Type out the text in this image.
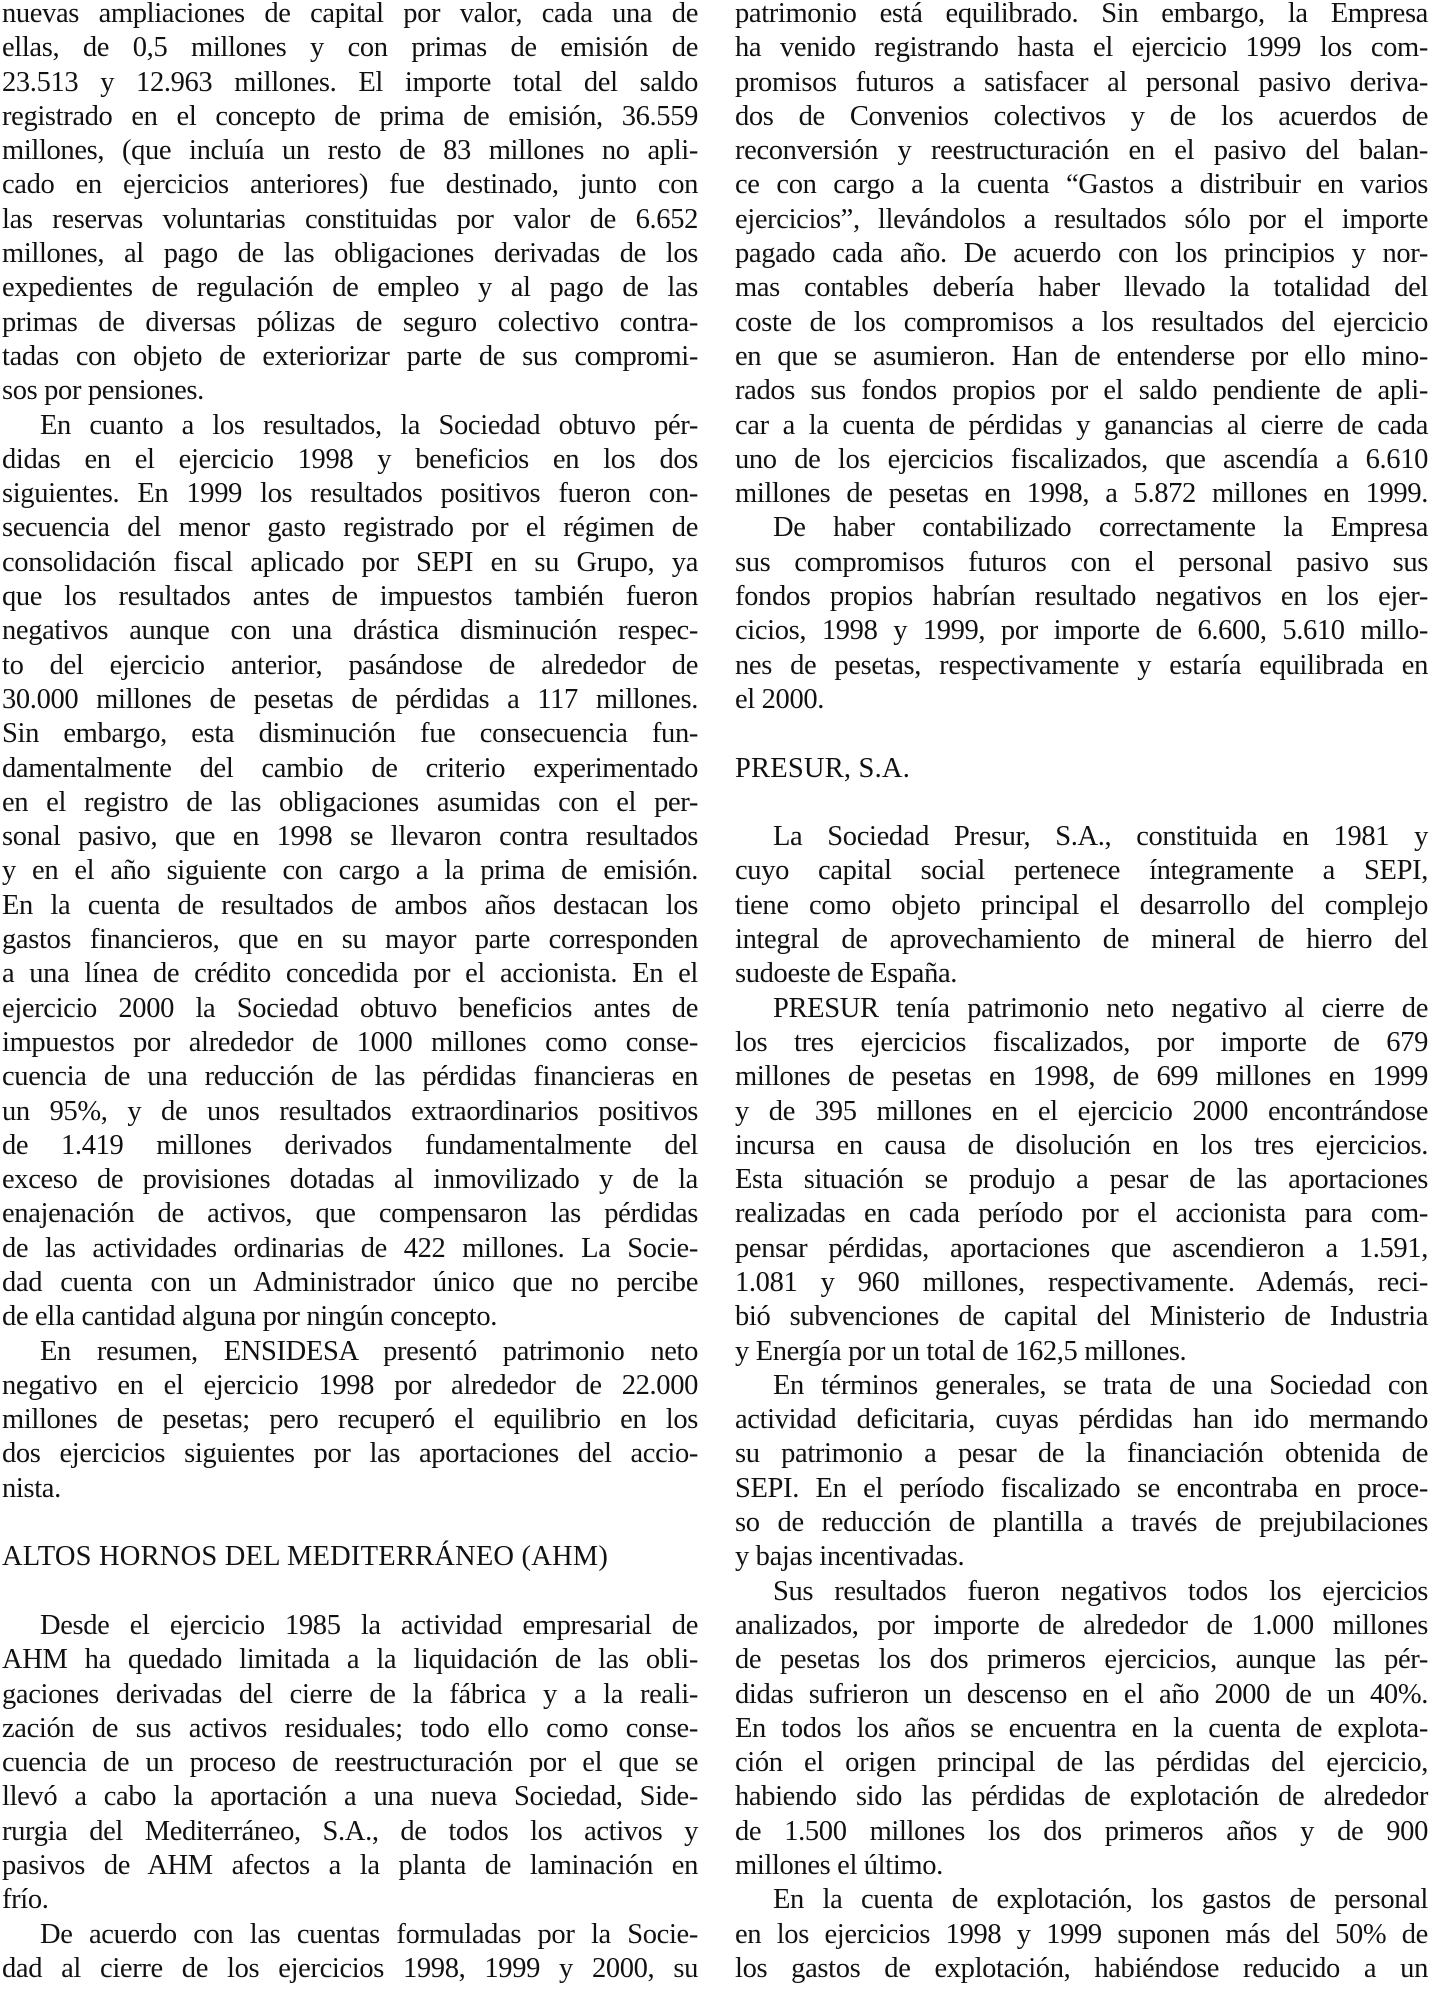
nuevas ampliaciones de capital por valor, cada una de
ellas, de 0,5 millones y con primas de emisión de
23.513 y 12.963 millones. El importe total del saldo
registrado en el concepto de prima de emisión, 36.559
millones, (que incluía un resto de 83 millones no apli-
cado en ejercicios anteriores) fue destinado, junto con
las reservas voluntarias constituidas por valor de 6.652
millones, al pago de las obligaciones derivadas de los
expedientes de regulación de empleo y al pago de las
primas de diversas pólizas de seguro colectivo contra-
tadas con objeto de exteriorizar parte de sus compromi-
sos por pensiones.
En cuanto a los resultados, la Sociedad obtuvo pér-
didas en el ejercicio 1998 y beneficios en los dos
siguientes. En 1999 los resultados positivos fueron con-
secuencia del menor gasto registrado por el régimen de
consolidación fiscal aplicado por SEPI en su Grupo, ya
que los resultados antes de impuestos también fueron
negativos aunque con una drástica disminución respec-
to del ejercicio anterior, pasándose de alrededor de
30.000 millones de pesetas de pérdidas a 117 millones.
Sin embargo, esta disminución fue consecuencia fun-
damentalmente del cambio de criterio experimentado
en el registro de las obligaciones asumidas con el per-
sonal pasivo, que en 1998 se llevaron contra resultados
y en el año siguiente con cargo a la prima de emisión.
En la cuenta de resultados de ambos años destacan los
gastos financieros, que en su mayor parte corresponden
a una línea de crédito concedida por el accionista. En el
ejercicio 2000 la Sociedad obtuvo beneficios antes de
impuestos por alrededor de 1000 millones como conse-
cuencia de una reducción de las pérdidas financieras en
un 95%, y de unos resultados extraordinarios positivos
de 1.419 millones derivados fundamentalmente del
exceso de provisiones dotadas al inmovilizado y de la
enajenación de activos, que compensaron las pérdidas
de las actividades ordinarias de 422 millones. La Socie-
dad cuenta con un Administrador único que no percibe
de ella cantidad alguna por ningún concepto.
En resumen, ENSIDESA presentó patrimonio neto
negativo en el ejercicio 1998 por alrededor de 22.000
millones de pesetas; pero recuperó el equilibrio en los
dos ejercicios siguientes por las aportaciones del accio-
nista.
ALTOS HORNOS DEL MEDITERRÁNEO (AHM)
Desde el ejercicio 1985 la actividad empresarial de
AHM ha quedado limitada a la liquidación de las obli-
gaciones derivadas del cierre de la fábrica y a la reali-
zación de sus activos residuales; todo ello como conse-
cuencia de un proceso de reestructuración por el que se
llevó a cabo la aportación a una nueva Sociedad, Side-
rurgia del Mediterráneo, S.A., de todos los activos y
pasivos de AHM afectos a la planta de laminación en
frío.
De acuerdo con las cuentas formuladas por la Socie-
dad al cierre de los ejercicios 1998, 1999 y 2000, su
patrimonio está equilibrado. Sin embargo, la Empresa
ha venido registrando hasta el ejercicio 1999 los com-
promisos futuros a satisfacer al personal pasivo deriva-
dos de Convenios colectivos y de los acuerdos de
reconversión y reestructuración en el pasivo del balan-
ce con cargo a la cuenta “Gastos a distribuir en varios
ejercicios”, llevándolos a resultados sólo por el importe
pagado cada año. De acuerdo con los principios y nor-
mas contables debería haber llevado la totalidad del
coste de los compromisos a los resultados del ejercicio
en que se asumieron. Han de entenderse por ello mino-
rados sus fondos propios por el saldo pendiente de apli-
car a la cuenta de pérdidas y ganancias al cierre de cada
uno de los ejercicios fiscalizados, que ascendía a 6.610
millones de pesetas en 1998, a 5.872 millones en 1999.
De haber contabilizado correctamente la Empresa
sus compromisos futuros con el personal pasivo sus
fondos propios habrían resultado negativos en los ejer-
cicios, 1998 y 1999, por importe de 6.600, 5.610 millo-
nes de pesetas, respectivamente y estaría equilibrada en
el 2000.
PRESUR, S.A.
La Sociedad Presur, S.A., constituida en 1981 y
cuyo capital social pertenece íntegramente a SEPI,
tiene como objeto principal el desarrollo del complejo
integral de aprovechamiento de mineral de hierro del
sudoeste de España.
PRESUR tenía patrimonio neto negativo al cierre de
los tres ejercicios fiscalizados, por importe de 679
millones de pesetas en 1998, de 699 millones en 1999
y de 395 millones en el ejercicio 2000 encontrándose
incursa en causa de disolución en los tres ejercicios.
Esta situación se produjo a pesar de las aportaciones
realizadas en cada período por el accionista para com-
pensar pérdidas, aportaciones que ascendieron a 1.591,
1.081 y 960 millones, respectivamente. Además, reci-
bió subvenciones de capital del Ministerio de Industria
y Energía por un total de 162,5 millones.
En términos generales, se trata de una Sociedad con
actividad deficitaria, cuyas pérdidas han ido mermando
su patrimonio a pesar de la financiación obtenida de
SEPI. En el período fiscalizado se encontraba en proce-
so de reducción de plantilla a través de prejubilaciones
y bajas incentivadas.
Sus resultados fueron negativos todos los ejercicios
analizados, por importe de alrededor de 1.000 millones
de pesetas los dos primeros ejercicios, aunque las pér-
didas sufrieron un descenso en el año 2000 de un 40%.
En todos los años se encuentra en la cuenta de explota-
ción el origen principal de las pérdidas del ejercicio,
habiendo sido las pérdidas de explotación de alrededor
de 1.500 millones los dos primeros años y de 900
millones el último.
En la cuenta de explotación, los gastos de personal
en los ejercicios 1998 y 1999 suponen más del 50% de
los gastos de explotación, habiéndose reducido a un
